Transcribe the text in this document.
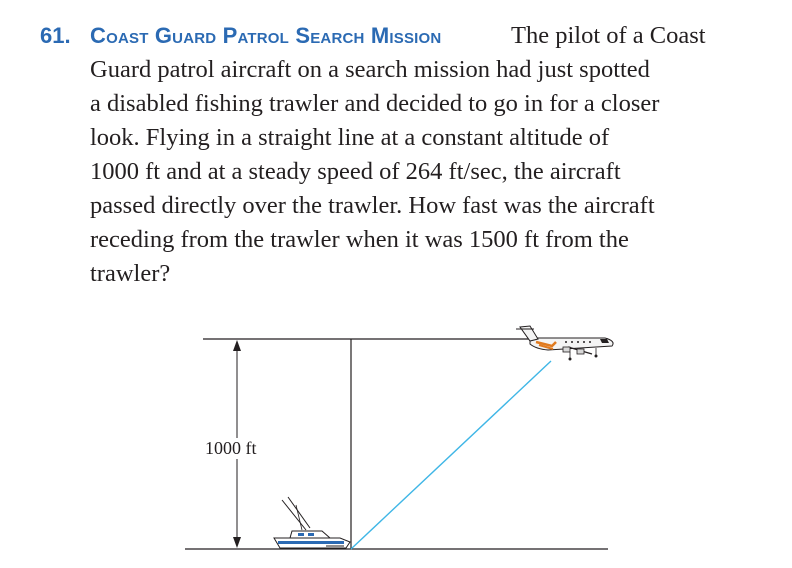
61. Coast Guard Patrol Search Mission	The pilot of a Coast
Guard patrol aircraft on a search mission had just spotted
a disabled fishing trawler and decided to go in for a closer
look. Flying in a straight line at a constant altitude of
1000 ft and at a steady speed of 264 ft/sec, the aircraft
passed directly over the trawler. How fast was the aircraft
receding from the trawler when it was 1500 ft from the
trawler?
1000 ft
